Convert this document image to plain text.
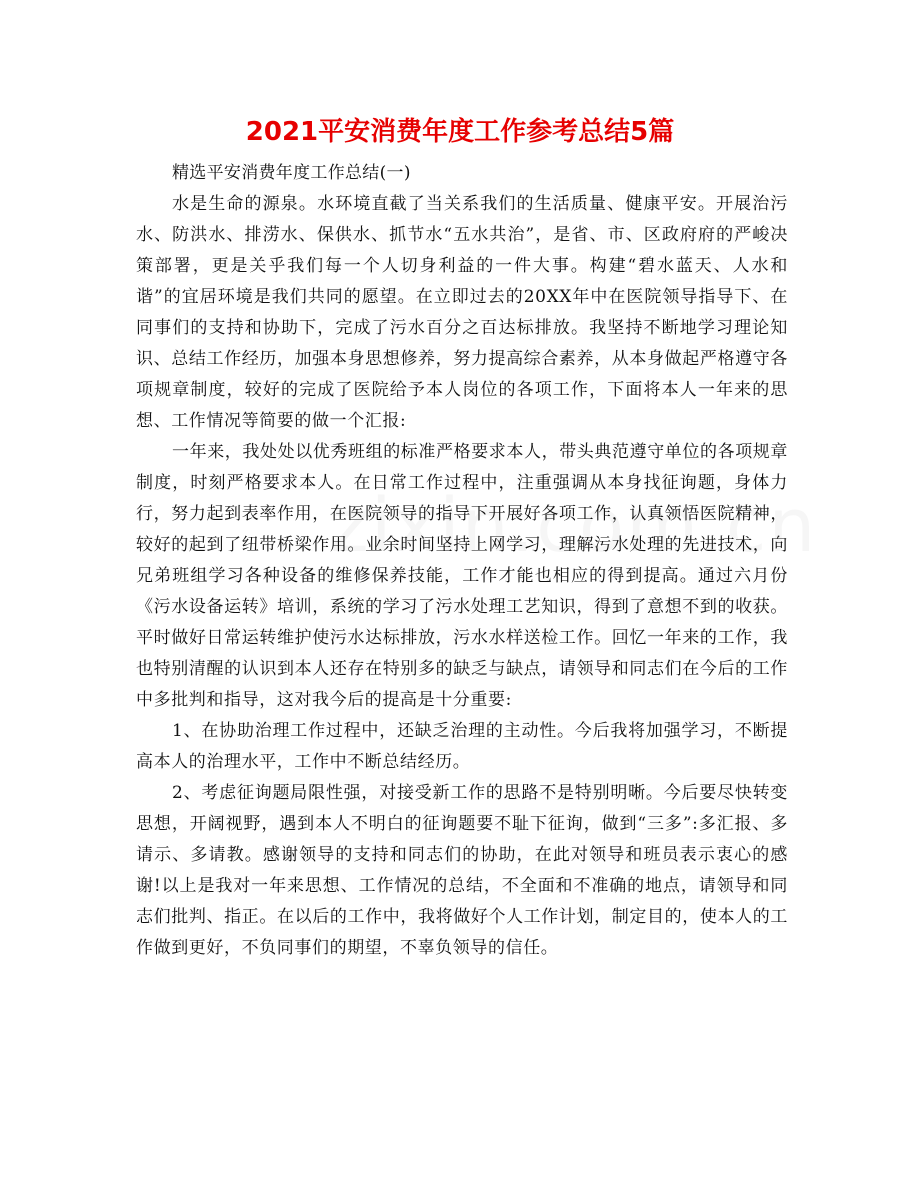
2021平安消费年度工作参考总结5篇

精选平安消费年度工作总结(一)

水是生命的源泉。水环境直截了当关系我们的生活质量、健康平安。开展治污水、防洪水、排涝水、保供水、抓节水“五水共治”，是省、市、区政府府的严峻决策部署，更是关乎我们每一个人切身利益的一件大事。构建“碧水蓝天、人水和谐”的宜居环境是我们共同的愿望。在立即过去的20XX年中在医院领导指导下、在同事们的支持和协助下，完成了污水百分之百达标排放。我坚持不断地学习理论知识、总结工作经历，加强本身思想修养，努力提高综合素养，从本身做起严格遵守各项规章制度，较好的完成了医院给予本人岗位的各项工作，下面将本人一年来的思想、工作情况等简要的做一个汇报:

一年来，我处处以优秀班组的标准严格要求本人，带头典范遵守单位的各项规章制度，时刻严格要求本人。在日常工作过程中，注重强调从本身找征询题，身体力行，努力起到表率作用，在医院领导的指导下开展好各项工作，认真领悟医院精神，较好的起到了纽带桥梁作用。业余时间坚持上网学习，理解污水处理的先进技术，向兄弟班组学习各种设备的维修保养技能，工作才能也相应的得到提高。通过六月份《污水设备运转》培训，系统的学习了污水处理工艺知识，得到了意想不到的收获。平时做好日常运转维护使污水达标排放，污水水样送检工作。回忆一年来的工作，我也特别清醒的认识到本人还存在特别多的缺乏与缺点，请领导和同志们在今后的工作中多批判和指导，这对我今后的提高是十分重要:

1、在协助治理工作过程中，还缺乏治理的主动性。今后我将加强学习，不断提高本人的治理水平，工作中不断总结经历。

2、考虑征询题局限性强，对接受新工作的思路不是特别明晰。今后要尽快转变思想，开阔视野，遇到本人不明白的征询题要不耻下征询，做到“三多”:多汇报、多请示、多请教。感谢领导的支持和同志们的协助，在此对领导和班员表示衷心的感谢!以上是我对一年来思想、工作情况的总结，不全面和不准确的地点，请领导和同志们批判、指正。在以后的工作中，我将做好个人工作计划，制定目的，使本人的工作做到更好，不负同事们的期望，不辜负领导的信任。
